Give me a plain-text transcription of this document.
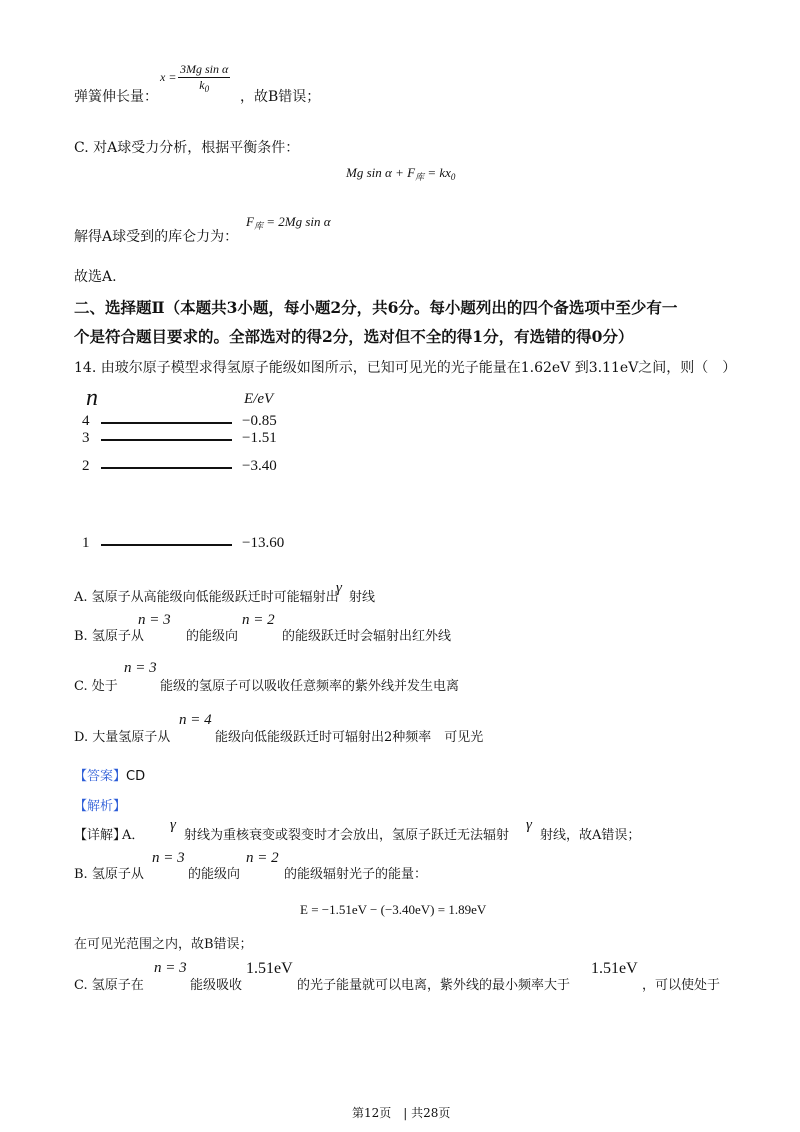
弹簧伸长量：
$x = \frac{\text{3Mg sin α}}{k_0}$
，故B错误；
C. 对A球受力分析，根据平衡条件：
Mg $\sin \alpha + F_库 = kx_0$
解得A球受到的库仑力为：
$F_库 = 2Mg$ sin α
故选A.
二、选择题Ⅱ（本题共3小题，每小题2分，共6分。每小题列出的四个备选项中至少有一
个是符合题目要求的。全部选对的得2分，选对但不全的得1分，有选错的得0分）
14. 由玻尔原子模型求得氢原子能级如图所示，已知可见光的光子能量在1.62eV 到3.11eV之间，则（　）
n	E/eV
4	−0.85
3	−1.51
2	−3.40
1	−13.60
A. 氢原子从高能级向低能级跃迁时可能辐射出
γ
射线
B. 氢原子从
n = 3
的能级向
n = 2
的能级跃迁时会辐射出红外线
C. 处于
n = 3
能级的氢原子可以吸收任意频率的紫外线并发生电离
D. 大量氢原子从
n = 4
能级向低能级跃迁时可辐射出2种频率　可见光
【答案】CD
【解析】
【详解】
A．
γ
射线为重核衰变或裂变时才会放出，氢原子跃迁无法辐射
γ
射线，故A错误；
B. 氢原子从
n = 3
的能级向
n = 2
的能级辐射光子的能量：
E = −1.51eV − (−3.40eV) = 1.89eV
在可见光范围之内，故B错误；
C. 氢原子在
n = 3
能级吸收
1.51eV
的光子能量就可以电离，紫外线的最小频率大于
1.51eV
，可以使处于
第12页　| 共28页
